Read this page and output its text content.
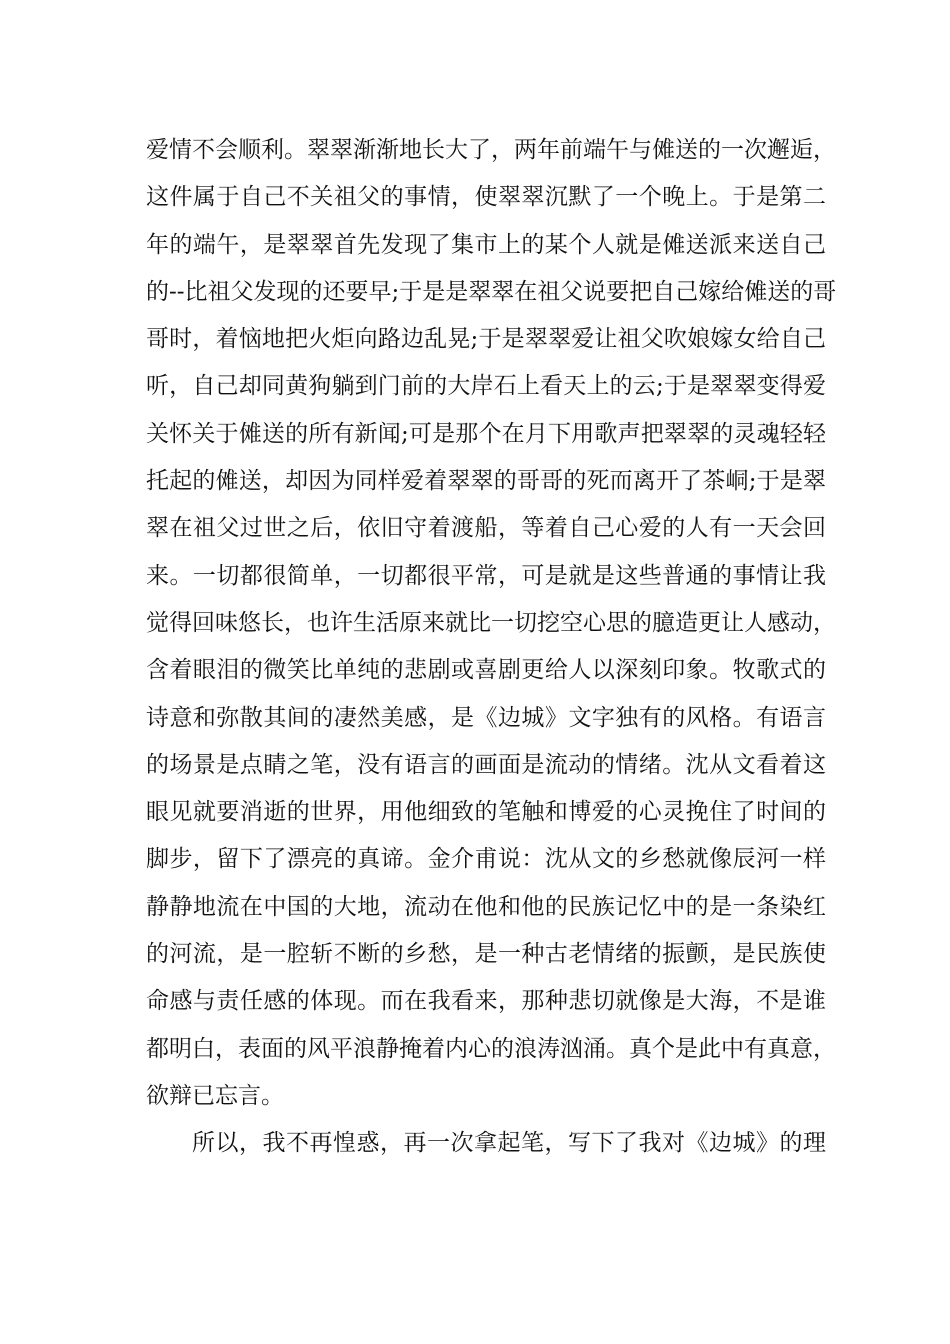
爱情不会顺利。翠翠渐渐地长大了，两年前端午与傩送的一次邂逅，
这件属于自己不关祖父的事情，使翠翠沉默了一个晚上。于是第二
年的端午，是翠翠首先发现了集市上的某个人就是傩送派来送自己
的--比祖父发现的还要早;于是是翠翠在祖父说要把自己嫁给傩送的哥
哥时，着恼地把火炬向路边乱晃;于是翠翠爱让祖父吹娘嫁女给自己
听，自己却同黄狗躺到门前的大岸石上看天上的云;于是翠翠变得爱
关怀关于傩送的所有新闻;可是那个在月下用歌声把翠翠的灵魂轻轻
托起的傩送，却因为同样爱着翠翠的哥哥的死而离开了茶峒;于是翠
翠在祖父过世之后，依旧守着渡船，等着自己心爱的人有一天会回
来。一切都很简单，一切都很平常，可是就是这些普通的事情让我
觉得回味悠长，也许生活原来就比一切挖空心思的臆造更让人感动，
含着眼泪的微笑比单纯的悲剧或喜剧更给人以深刻印象。牧歌式的
诗意和弥散其间的凄然美感，是《边城》文字独有的风格。有语言
的场景是点睛之笔，没有语言的画面是流动的情绪。沈从文看着这
眼见就要消逝的世界，用他细致的笔触和博爱的心灵挽住了时间的
脚步，留下了漂亮的真谛。金介甫说：沈从文的乡愁就像辰河一样
静静地流在中国的大地，流动在他和他的民族记忆中的是一条染红
的河流，是一腔斩不断的乡愁，是一种古老情绪的振颤，是民族使
命感与责任感的体现。而在我看来，那种悲切就像是大海，不是谁
都明白，表面的风平浪静掩着内心的浪涛汹涌。真个是此中有真意，
欲辩已忘言。
所以，我不再惶惑，再一次拿起笔，写下了我对《边城》的理
